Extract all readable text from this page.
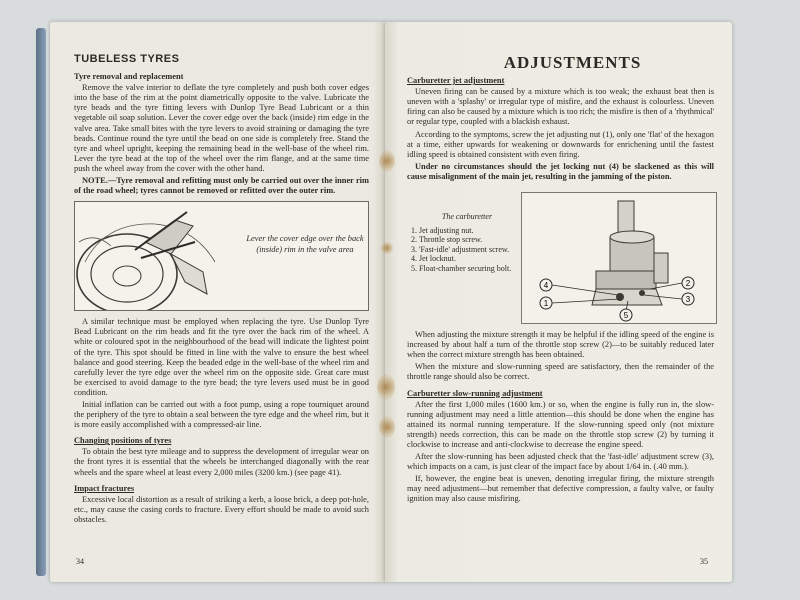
TUBELESS TYRES
Tyre removal and replacement

Remove the valve interior to deflate the tyre completely and push both cover edges into the base of the rim at the point diametrically opposite to the valve. Lubricate the tyre beads and the tyre fitting levers with Dunlop Tyre Bead Lubricant or a thin vegetable oil soap solution. Lever the cover edge over the back (inside) rim edge in the valve area. Take small bites with the tyre levers to avoid straining or damaging the tyre beads. Continue round the tyre until the bead on one side is completely free. Stand the tyre and wheel upright, keeping the remaining bead in the well-base of the wheel rim. Lever the tyre bead at the top of the wheel over the rim flange, and at the same time push the wheel away from the cover with the other hand.

NOTE.—Tyre removal and refitting must only be carried out over the inner rim of the road wheel; tyres cannot be removed or refitted over the outer rim.

Lever the cover edge over the back (inside) rim in the valve area

A similar technique must be employed when replacing the tyre. Use Dunlop Tyre Bead Lubricant on the rim beads and fit the tyre over the back rim of the wheel. A white or coloured spot in the neighbourhood of the bead will indicate the lightest point of the tyre. This spot should be fitted in line with the valve to ensure the best wheel balance and good steering. Keep the beaded edge in the well-base of the wheel rim and carefully lever the tyre edge over the wheel rim on the opposite side. Great care must be exercised to avoid damage to the tyre bead; the tyre levers used must be in good condition.

Initial inflation can be carried out with a foot pump, using a rope tourniquet around the periphery of the tyre to obtain a seal between the tyre edge and the wheel rim, but it is more easily accomplished with a compressed-air line.

Changing positions of tyres

To obtain the best tyre mileage and to suppress the development of irregular wear on the front tyres it is essential that the wheels be interchanged diagonally with the rear wheels and the spare wheel at least every 2,000 miles (3200 km.) (see page 41).

Impact fractures

Excessive local distortion as a result of striking a kerb, a loose brick, a deep pot-hole, etc., may cause the casing cords to fracture. Every effort should be made to avoid such obstacles.

34
ADJUSTMENTS
Carburetter jet adjustment

Uneven firing can be caused by a mixture which is too weak; the exhaust beat then is uneven with a 'splashy' or irregular type of misfire, and the exhaust is colourless. Uneven firing can also be caused by a mixture which is too rich; the misfire is then of a 'rhythmical' or regular type, coupled with a blackish exhaust.

According to the symptoms, screw the jet adjusting nut (1), only one 'flat' of the hexagon at a time, either upwards for weakening or downwards for enrichening until the fastest idling speed is obtained consistent with even firing.

Under no circumstances should the jet locking nut (4) be slackened as this will cause misalignment of the main jet, resulting in the jamming of the piston.

The carburetter
1. Jet adjusting nut.
2. Throttle stop screw.
3. 'Fast-idle' adjustment screw.
4. Jet locknut.
5. Float-chamber securing bolt.
4
1
2
3
5

When adjusting the mixture strength it may be helpful if the idling speed of the engine is increased by about half a turn of the throttle stop screw (2)—to be suitably reduced later when the correct mixture strength has been obtained.

When the mixture and slow-running speed are satisfactory, then the remainder of the throttle range should also be correct.

Carburetter slow-running adjustment

After the first 1,000 miles (1600 km.) or so, when the engine is fully run in, the slow-running adjustment may need a little attention—this should be done when the engine has attained its normal running temperature. If the slow-running speed only (not mixture strength) needs correction, this can be made on the throttle stop screw (2) by turning it clockwise to increase and anti-clockwise to decrease the engine speed.

After the slow-running has been adjusted check that the 'fast-idle' adjustment screw (3), which impacts on a cam, is just clear of the impact face by about 1/64 in. (.40 mm.).

If, however, the engine beat is uneven, denoting irregular firing, the mixture strength may need adjustment—but remember that defective compression, a faulty valve, or faulty ignition may also cause misfiring.

35
